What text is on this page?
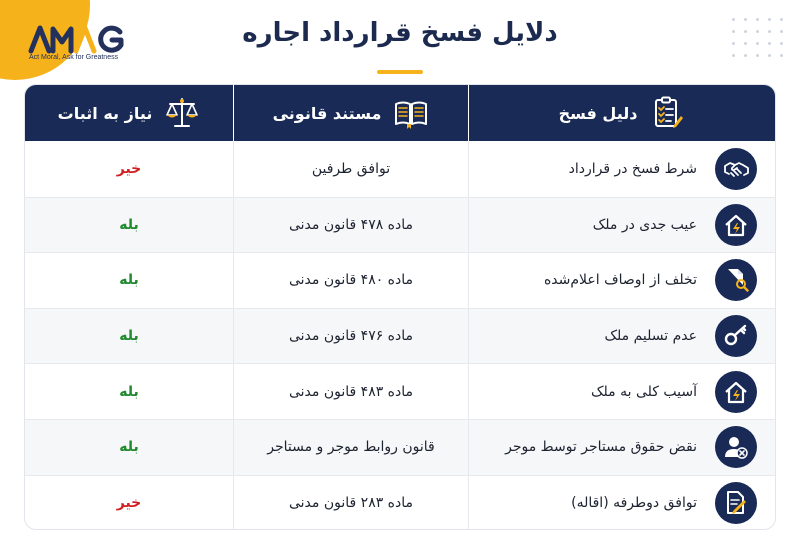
Act Moral, Ask for Greatness
دلایل فسخ قرارداد اجاره
دلیل فسخ
مستند قانونی
نیاز به اثبات
شرط فسخ در قرارداد
توافق طرفین
خیر
عیب جدی در ملک
ماده ۴۷۸ قانون مدنی
بله
تخلف از اوصاف اعلام‌شده
ماده ۴۸۰ قانون مدنی
بله
عدم تسلیم ملک
ماده ۴۷۶ قانون مدنی
بله
آسیب کلی به ملک
ماده ۴۸۳ قانون مدنی
بله
نقض حقوق مستاجر توسط موجر
قانون روابط موجر و مستاجر
بله
توافق دوطرفه (اقاله)
ماده ۲۸۳ قانون مدنی
خیر
